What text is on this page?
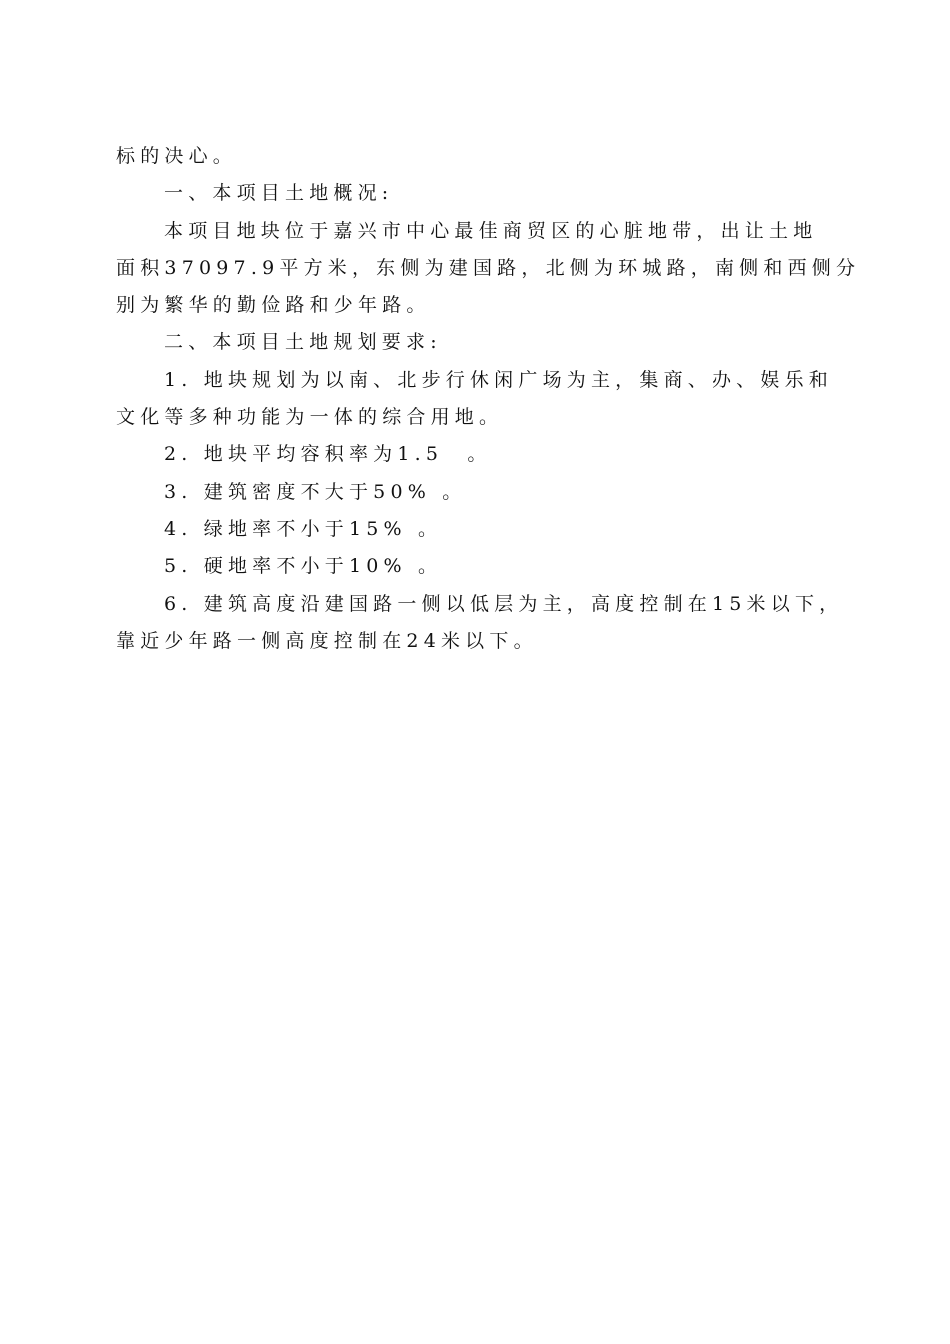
标的决心。

一、本项目土地概况:

本项目地块位于嘉兴市中心最佳商贸区的心脏地带，出让土地
面积37097.9平方米，东侧为建国路，北侧为环城路，南侧和西侧分
别为繁华的勤俭路和少年路。

二、本项目土地规划要求:

1. 地块规划为以南、北步行休闲广场为主，集商、办、娱乐和
文化等多种功能为一体的综合用地。

2. 地块平均容积率为1.5　。

3. 建筑密度不大于50% 。

4. 绿地率不小于15% 。

5. 硬地率不小于10% 。

6. 建筑高度沿建国路一侧以低层为主，高度控制在15米以下，
靠近少年路一侧高度控制在24米以下。
